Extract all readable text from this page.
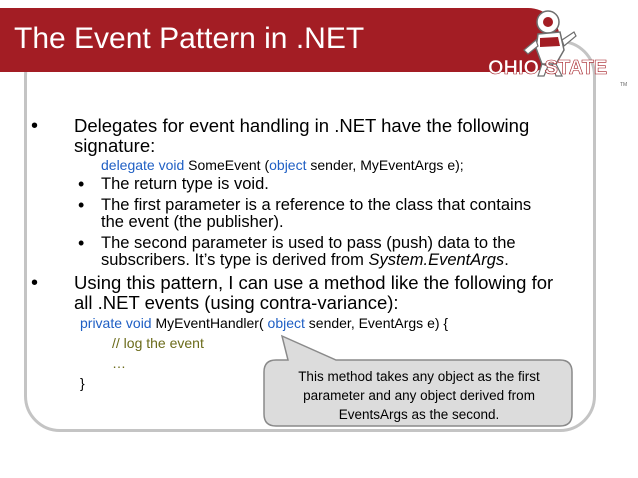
The Event Pattern in .NET
OHIO STATE
BUCKEYES	TM
• Delegates for event handling in .NET have the following
signature:
delegate void SomeEvent (object sender, MyEventArgs e);
• The return type is void.
• The first parameter is a reference to the class that contains
the event (the publisher).
• The second parameter is used to pass (push) data to the
subscribers. It’s type is derived from System.EventArgs.
• Using this pattern, I can use a method like the following for
all .NET events (using contra-variance):
private void MyEventHandler( object sender, EventArgs e) {
// log the event
…
}	This method takes any object as the first
parameter and any object derived from
EventsArgs as the second.
